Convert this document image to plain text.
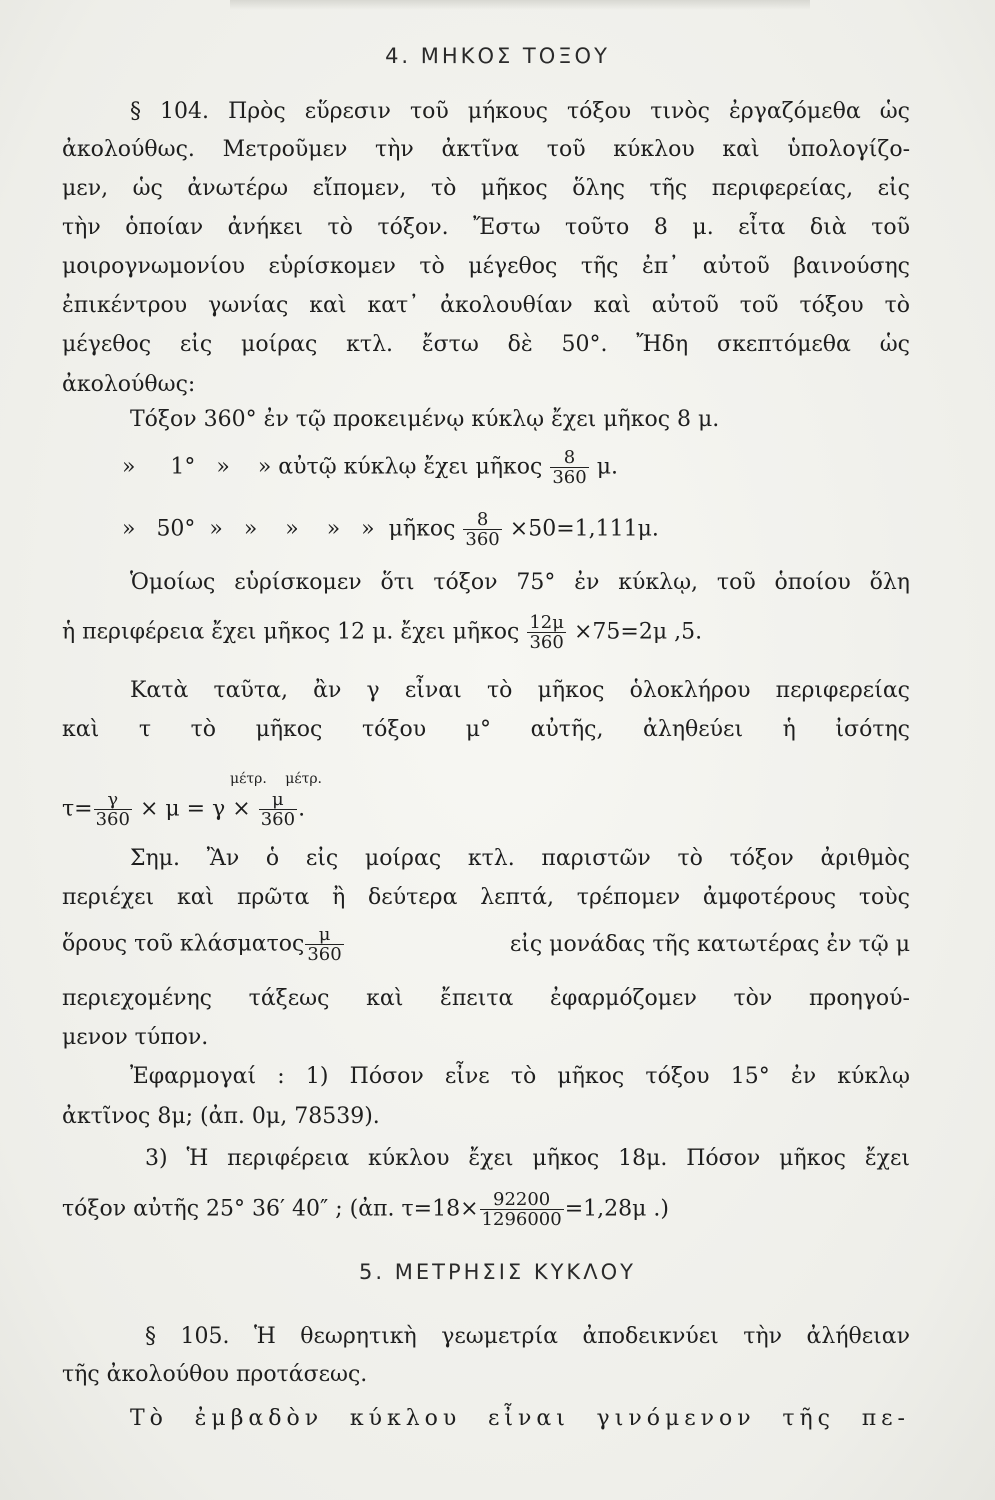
4. ΜΗΚΟΣ ΤΟΞΟΥ
§ 104. Πρὸς εὕρεσιν τοῦ μήκους τόξου τινὸς ἐργαζόμεθα ὡς
ἀκολούθως. Μετροῦμεν τὴν ἀκτῖνα τοῦ κύκλου καὶ ὑπολογίζο-
μεν, ὡς ἀνωτέρω εἴπομεν, τὸ μῆκος ὅλης τῆς περιφερείας, εἰς
τὴν ὁποίαν ἀνήκει τὸ τόξον. Ἔστω τοῦτο 8 μ. εἶτα διὰ τοῦ
μοιρογνωμονίου εὑρίσκομεν τὸ μέγεθος τῆς ἐπ᾿ αὐτοῦ βαινούσης
ἐπικέντρου γωνίας καὶ κατ᾿ ἀκολουθίαν καὶ αὐτοῦ τοῦ τόξου τὸ
μέγεθος εἰς μοίρας κτλ. ἔστω δὲ 50°. Ἤδη σκεπτόμεθα ὡς
ἀκολούθως:
Τόξον 360° ἐν τῷ προκειμένῳ κύκλῳ ἔχει μῆκος 8 μ.
»     1°   »    » αὐτῷ κύκλῳ ἔχει μῆκος $\frac{8}{360} \mu$.
»   50°  »   »    »    »   »  μῆκος $\frac{8}{360} \times 50=1,111\mu$.
Ὁμοίως εὑρίσκομεν ὅτι τόξον 75° ἐν κύκλῳ, τοῦ ὁποίου ὅλη
ἡ περιφέρεια ἔχει μῆκος 12 μ. ἔχει μῆκος $\frac{12\mu}{360} \times 75=2\mu$ ,5.
Κατὰ ταῦτα, ἂν γ εἶναι τὸ μῆκος ὁλοκλήρου περιφερείας
καὶ τ τὸ μῆκος τόξου μ° αὐτῆς, ἀληθεύει ἡ ἰσότης
μέτρ. μέτρ.
$\tau= \frac{\gamma}{360} \times \mu = \gamma \times \frac{\mu}{360}$ .
Σημ. Ἂν ὁ εἰς μοίρας κτλ. παριστῶν τὸ τόξον ἀριθμὸς
περιέχει καὶ πρῶτα ἢ δεύτερα λεπτά, τρέπομεν ἀμφοτέρους τοὺς
ὅρους τοῦ κλάσματος $\frac{\mu}{360}$	εἰς μονάδας τῆς κατωτέρας ἐν τῷ μ
περιεχομένης τάξεως καὶ ἔπειτα ἐφαρμόζομεν τὸν προηγού-
μενον τύπον.
Ἐφαρμογαί : 1) Πόσον εἶνε τὸ μῆκος τόξου 15° ἐν κύκλῳ
ἀκτῖνος 8μ; (ἀπ. 0μ, 78539).
3) Ἡ περιφέρεια κύκλου ἔχει μῆκος 18μ. Πόσον μῆκος ἔχει
τόξον αὐτῆς 25° 36′ 40″ ; (ἀπ. $\tau=18\times \frac{92200}{1296000} =1,28\mu$ .)
5. ΜΕΤΡΗΣΙΣ ΚΥΚΛΟΥ
§ 105. Ἡ θεωρητικὴ γεωμετρία ἀποδεικνύει τὴν ἀλήθειαν
τῆς ἀκολούθου προτάσεως.
Τὸ ἐμβαδὸν κύκλου εἶναι γινόμενον τῆς πε-
